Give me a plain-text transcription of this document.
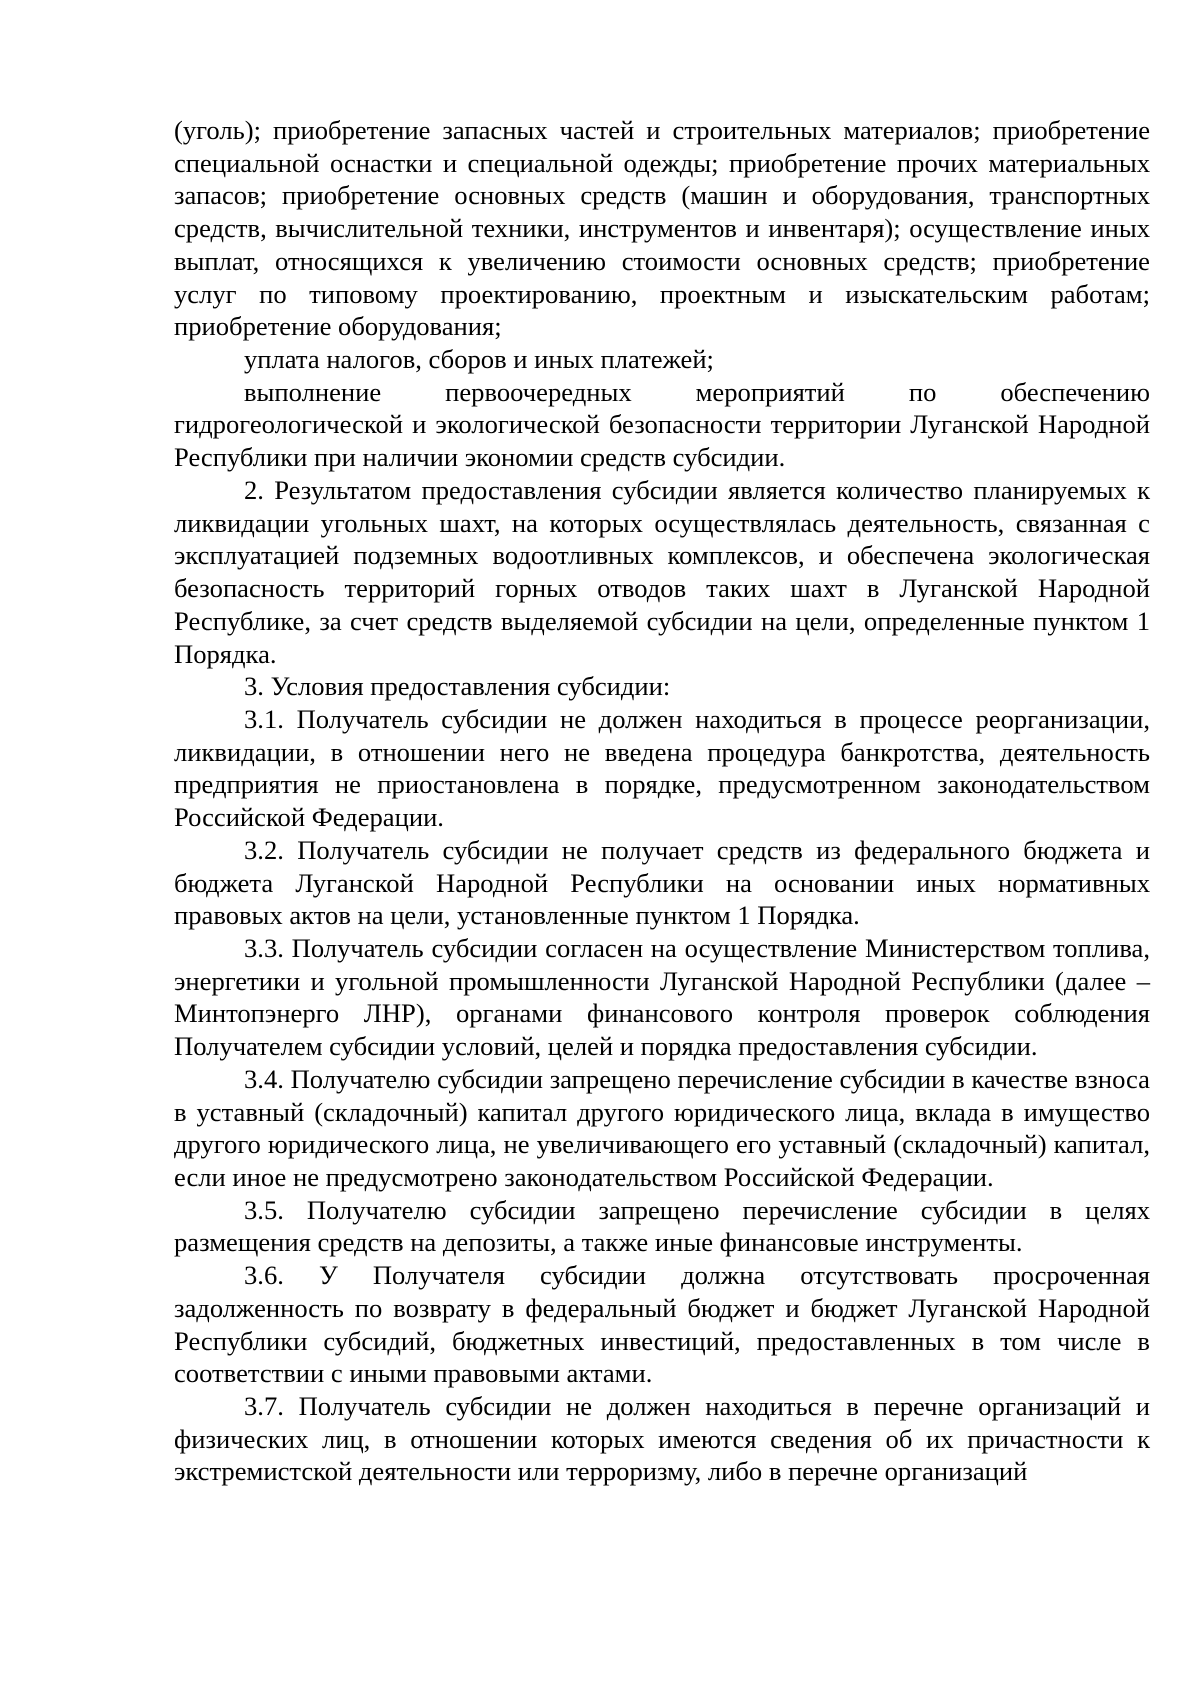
(уголь); приобретение запасных частей и строительных материалов; приобретение специальной оснастки и специальной одежды; приобретение прочих материальных запасов; приобретение основных средств (машин и оборудования, транспортных средств, вычислительной техники, инструментов и инвентаря); осуществление иных выплат, относящихся к увеличению стоимости основных средств; приобретение услуг по типовому проектированию, проектным и изыскательским работам; приобретение оборудования;

уплата налогов, сборов и иных платежей;

выполнение первоочередных мероприятий по обеспечению гидрогеологической и экологической безопасности территории Луганской Народной Республики при наличии экономии средств субсидии.

2. Результатом предоставления субсидии является количество планируемых к ликвидации угольных шахт, на которых осуществлялась деятельность, связанная с эксплуатацией подземных водоотливных комплексов, и обеспечена экологическая безопасность территорий горных отводов таких шахт в Луганской Народной Республике, за счет средств выделяемой субсидии на цели, определенные пунктом 1 Порядка.

3. Условия предоставления субсидии:

3.1. Получатель субсидии не должен находиться в процессе реорганизации, ликвидации, в отношении него не введена процедура банкротства, деятельность предприятия не приостановлена в порядке, предусмотренном законодательством Российской Федерации.

3.2. Получатель субсидии не получает средств из федерального бюджета и бюджета Луганской Народной Республики на основании иных нормативных правовых актов на цели, установленные пунктом 1 Порядка.

3.3. Получатель субсидии согласен на осуществление Министерством топлива, энергетики и угольной промышленности Луганской Народной Республики (далее – Минтопэнерго ЛНР), органами финансового контроля проверок соблюдения Получателем субсидии условий, целей и порядка предоставления субсидии.

3.4. Получателю субсидии запрещено перечисление субсидии в качестве взноса в уставный (складочный) капитал другого юридического лица, вклада в имущество другого юридического лица, не увеличивающего его уставный (складочный) капитал, если иное не предусмотрено законодательством Российской Федерации.

3.5. Получателю субсидии запрещено перечисление субсидии в целях размещения средств на депозиты, а также иные финансовые инструменты.

3.6. У Получателя субсидии должна отсутствовать просроченная задолженность по возврату в федеральный бюджет и бюджет Луганской Народной Республики субсидий, бюджетных инвестиций, предоставленных в том числе в соответствии с иными правовыми актами.

3.7. Получатель субсидии не должен находиться в перечне организаций и физических лиц, в отношении которых имеются сведения об их причастности к экстремистской деятельности или терроризму, либо в перечне организаций
